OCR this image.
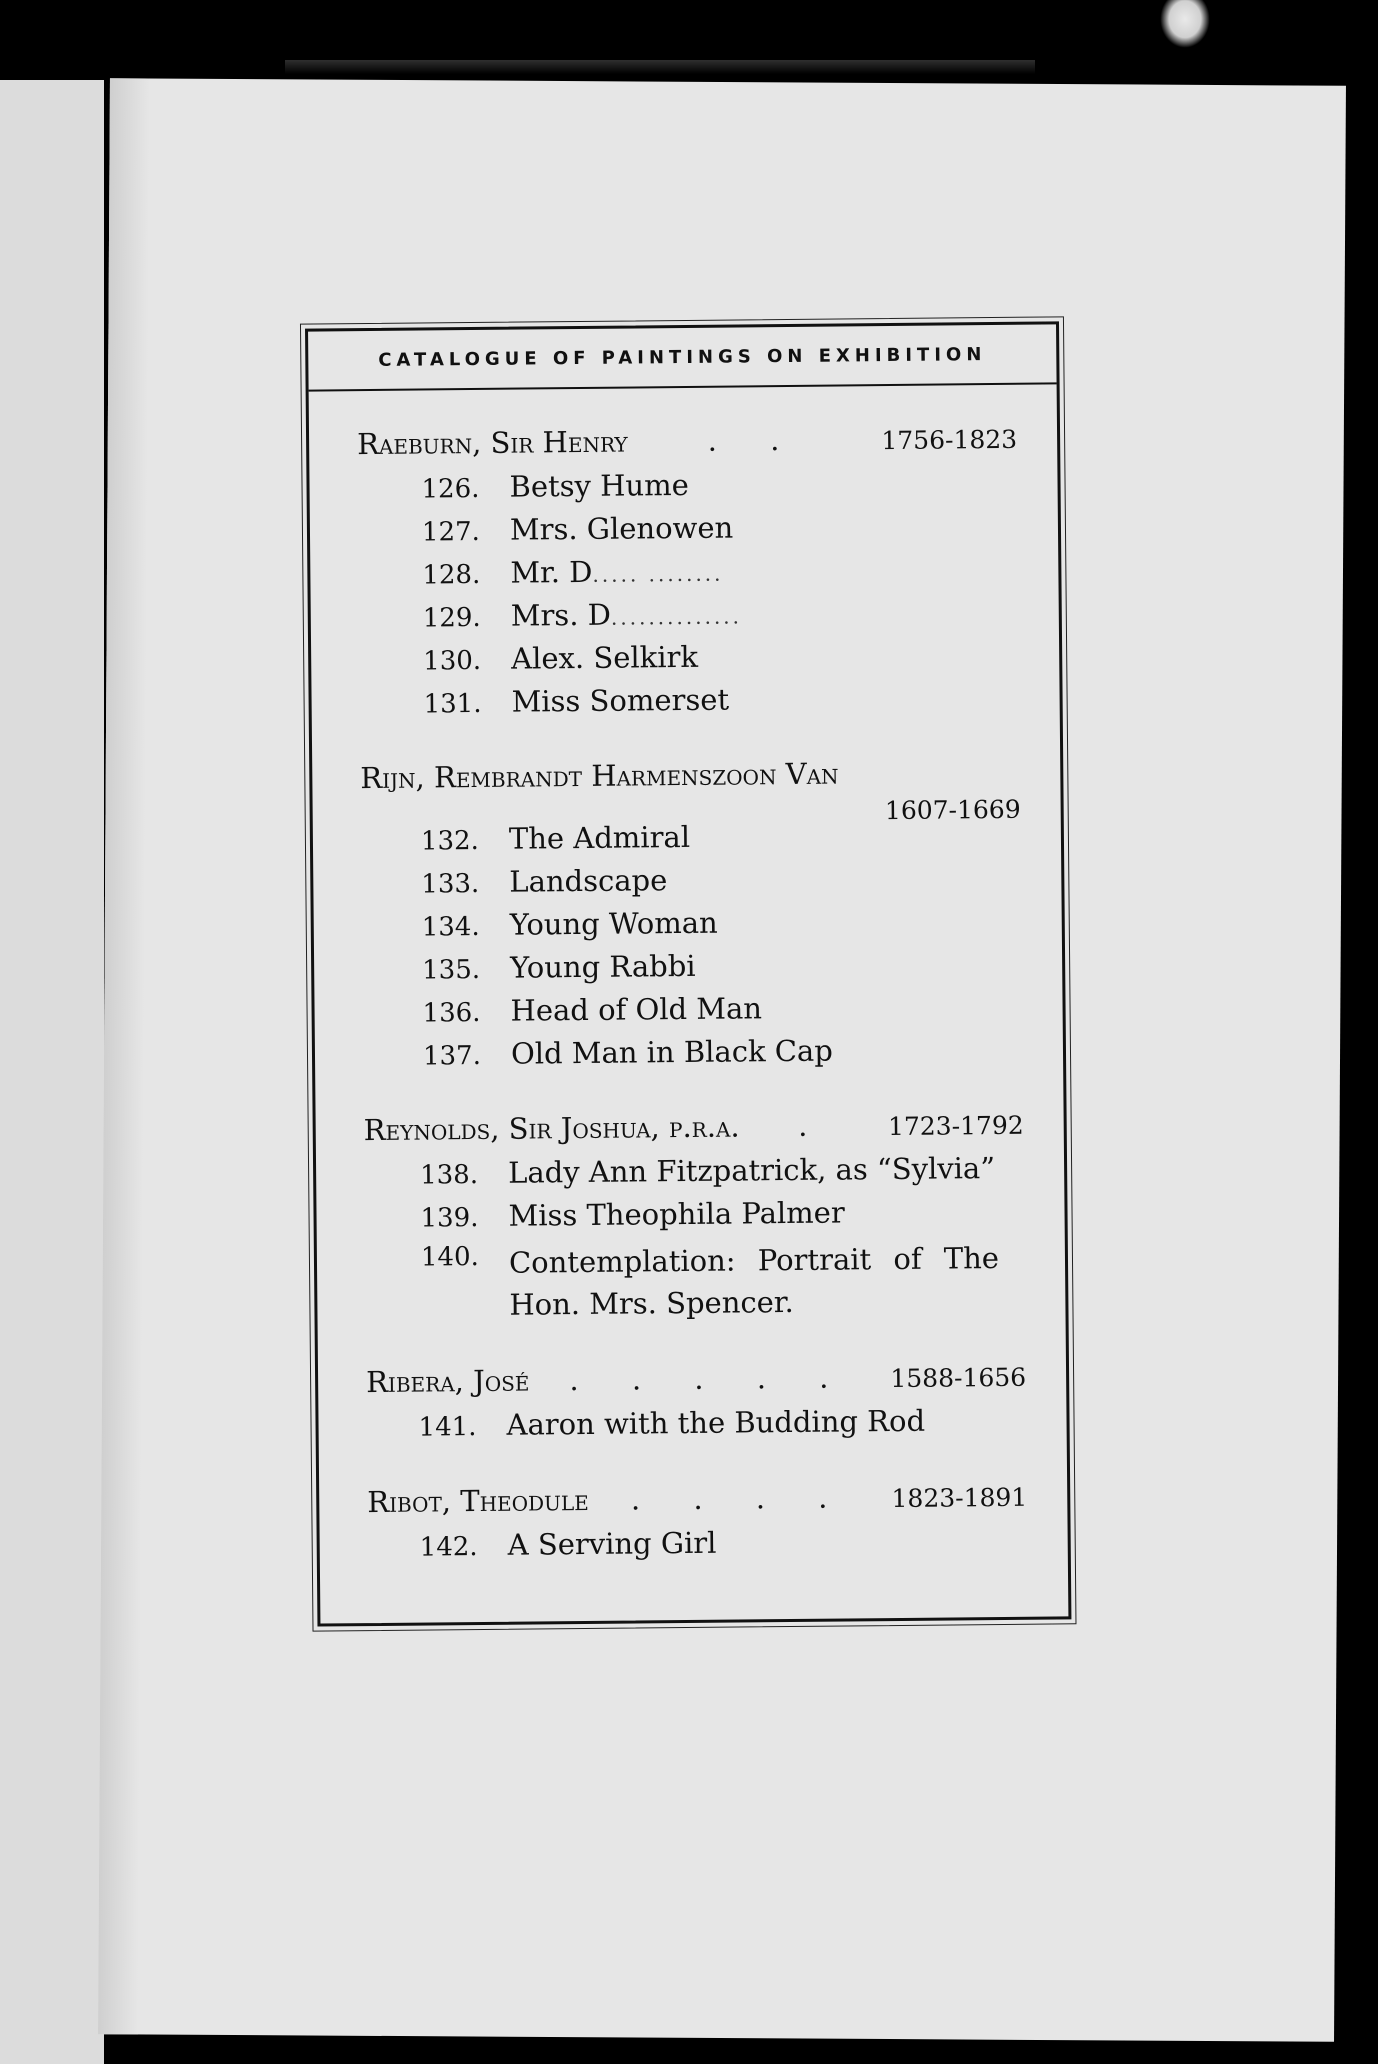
CATALOGUE OF PAINTINGS ON EXHIBITION
Raeburn, Sir Henry	. .	1756-1823
126.	Betsy Hume
127.	Mrs. Glenowen
128.	Mr. D ..... ........
129.	Mrs. D ..............
130.	Alex. Selkirk
131.	Miss Somerset
Rijn, Rembrandt Harmenszoon Van
1607-1669
132.	The Admiral
133.	Landscape
134.	Young Woman
135.	Young Rabbi
136.	Head of Old Man
137.	Old Man in Black Cap
Reynolds, Sir Joshua, p.r.a.	.	1723-1792
138.	Lady Ann Fitzpatrick, as “Sylvia”
139.	Miss Theophila Palmer
140.	Contemplation: Portrait of The Hon. Mrs. Spencer.
Ribera, José	. . . . .	1588-1656
141.	Aaron with the Budding Rod
Ribot, Theodule	. . . .	1823-1891
142.	A Serving Girl
